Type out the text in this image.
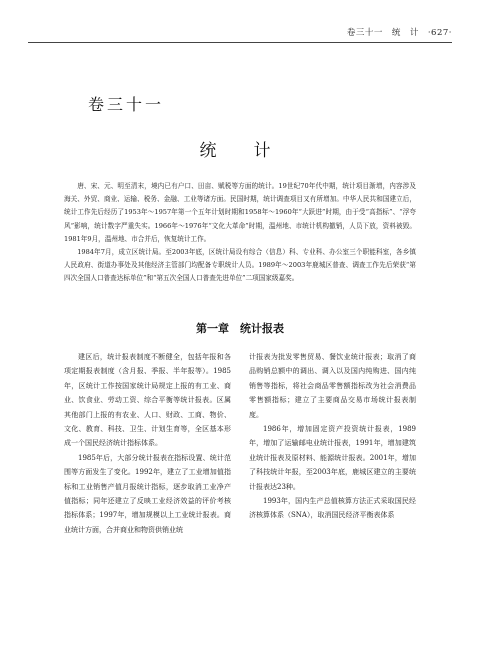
卷三十一　统　计　·627·
卷三十一
统　计

唐、宋、元、明至清末，境内已有户口、田亩、赋税等方面的统计。19世纪70年代中期，统计项目渐增，内容涉及海关、外贸、商业、运输、税务、金融、工业等诸方面。民国时期，统计调查项目又有所增加。中华人民共和国建立后，统计工作先后经历了1953年～1957年第一个五年计划时期和1958年～1960年“大跃进”时期，由于受“高指标”、“浮夸风”影响，统计数字严重失实。1966年～1976年“文化大革命”时期，温州地、市统计机构撤销，人员下放，资料被毁。1981年9月，温州地、市合并后，恢复统计工作。

1984年7月，成立区统计局。至2003年底，区统计局设有综合（信息）科、专业科、办公室三个职能科室，各乡镇人民政府、街道办事处及其他经济主管部门均配备专职统计人员。1989年～2003年鹿城区普查、调查工作先后荣获“第四次全国人口普查达标单位”和“第五次全国人口普查先进单位”二项国家级嘉奖。

第一章　统计报表

建区后，统计报表制度不断健全，包括年报和各项定期报表制度（含月报、季报、半年报等）。1985年，区统计工作按国家统计局规定上报的有工业、商业、饮食业、劳动工资、综合平衡等统计报表。区属其他部门上报的有农业、人口、财政、工商、物价、文化、教育、科技、卫生、计划生育等，全区基本形成一个国民经济统计指标体系。

1985年后，大部分统计报表在指标设置、统计范围等方面发生了变化。1992年，建立了工业增加值指标和工业销售产值月报统计指标，逐步取消工业净产值指标；同年还建立了反映工业经济效益的评价考核指标体系；1997年，增加规模以上工业统计报表。商业统计方面，合并商业和物资供销业统

计报表为批发零售贸易、餐饮业统计报表；取消了商品购销总额中的调出、调入以及国内纯购进、国内纯销售等指标，将社会商品零售额指标改为社会消费品零售额指标；建立了主要商品交易市场统计报表制度。

1986年，增加固定资产投资统计报表，1989年，增加了运输邮电业统计报表，1991年，增加建筑业统计报表及原材料、能源统计报表。2001年，增加了科技统计年报，至2003年底，鹿城区建立的主要统计报表达23种。

1993年，国内生产总值核算方法正式采取国民经济核算体系（SNA），取消国民经济平衡表体系
